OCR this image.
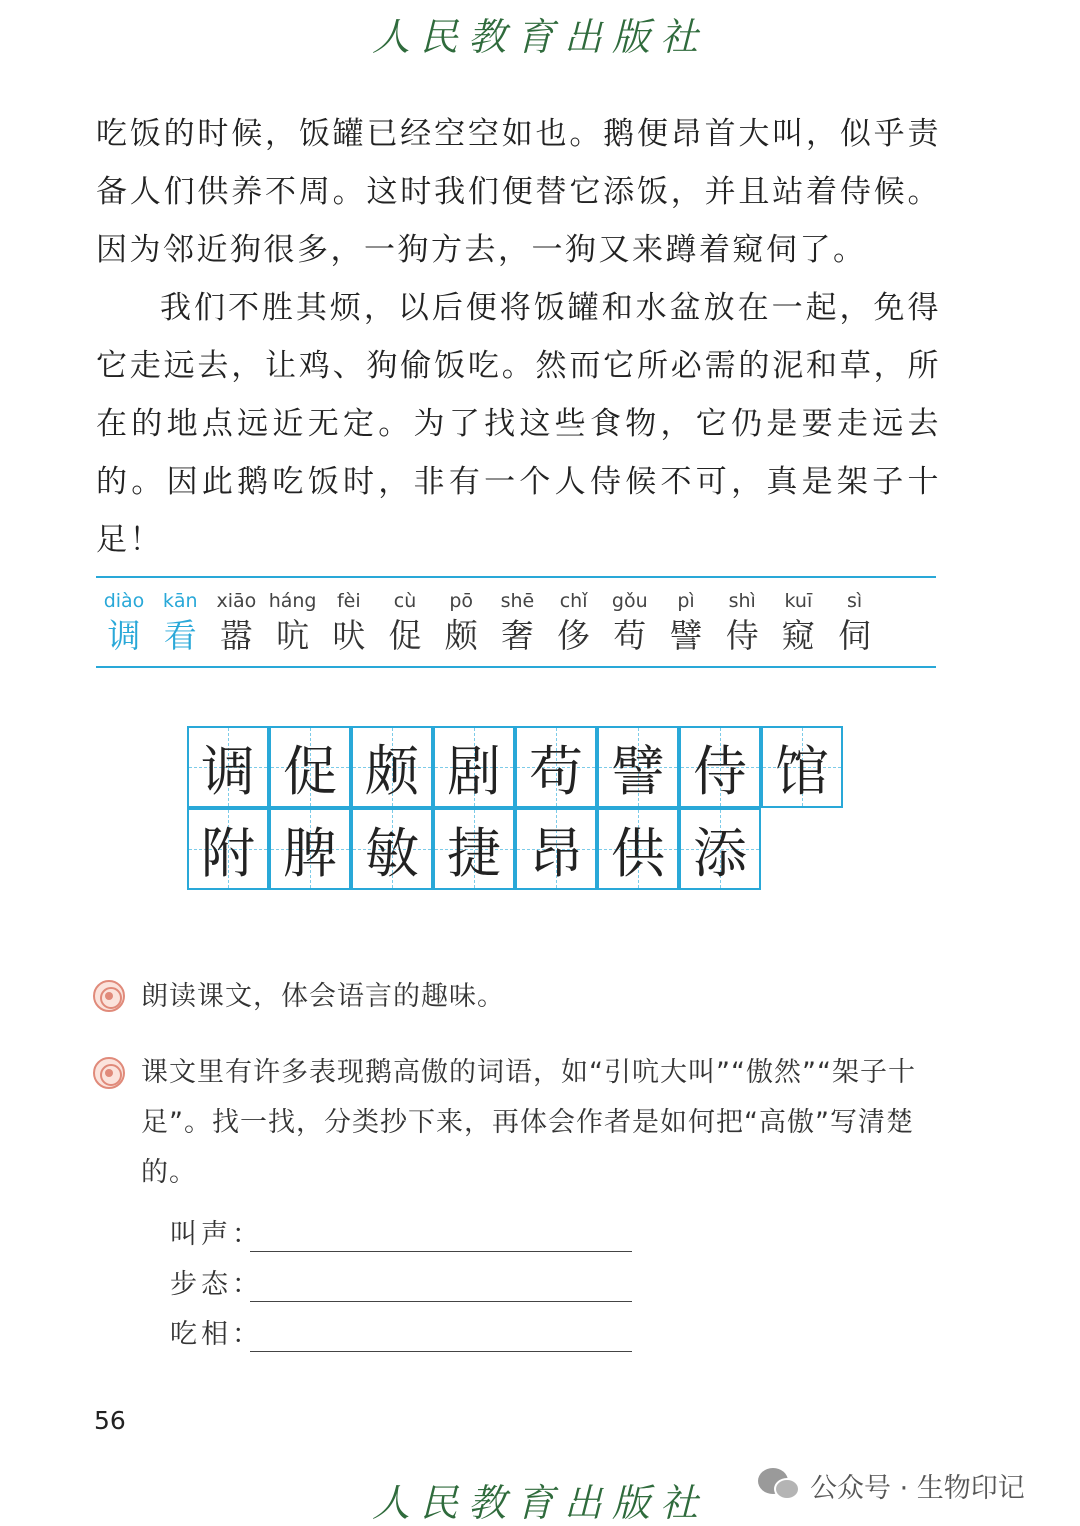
人民教育出版社

吃饭的时候，饭罐已经空空如也。鹅便昂首大叫，似乎责备人们供养不周。这时我们便替它添饭，并且站着侍候。因为邻近狗很多，一狗方去，一狗又来蹲着窥伺了。

我们不胜其烦，以后便将饭罐和水盆放在一起，免得它走远去，让鸡、狗偷饭吃。然而它所必需的泥和草，所在的地点远近无定。为了找这些食物，它仍是要走远去的。因此鹅吃饭时，非有一个人侍候不可，真是架子十足！

diào
调
kān
看
xiāo
嚣
háng
吭
fèi
吠
cù
促
pō
颇
shē
奢
chǐ
侈
gǒu
苟
pì
譬
shì
侍
kuī
窥
sì
伺
调 促 颇 剧 苟 譬 侍 馆
附 脾 敏 捷 昂 供 添

朗读课文，体会语言的趣味。

课文里有许多表现鹅高傲的词语，如“引吭大叫”“傲然”“架子十足”。找一找，分类抄下来，再体会作者是如何把“高傲”写清楚的。

叫声：
步态：
吃相：
56
人民教育出版社	公众号 · 生物印记
